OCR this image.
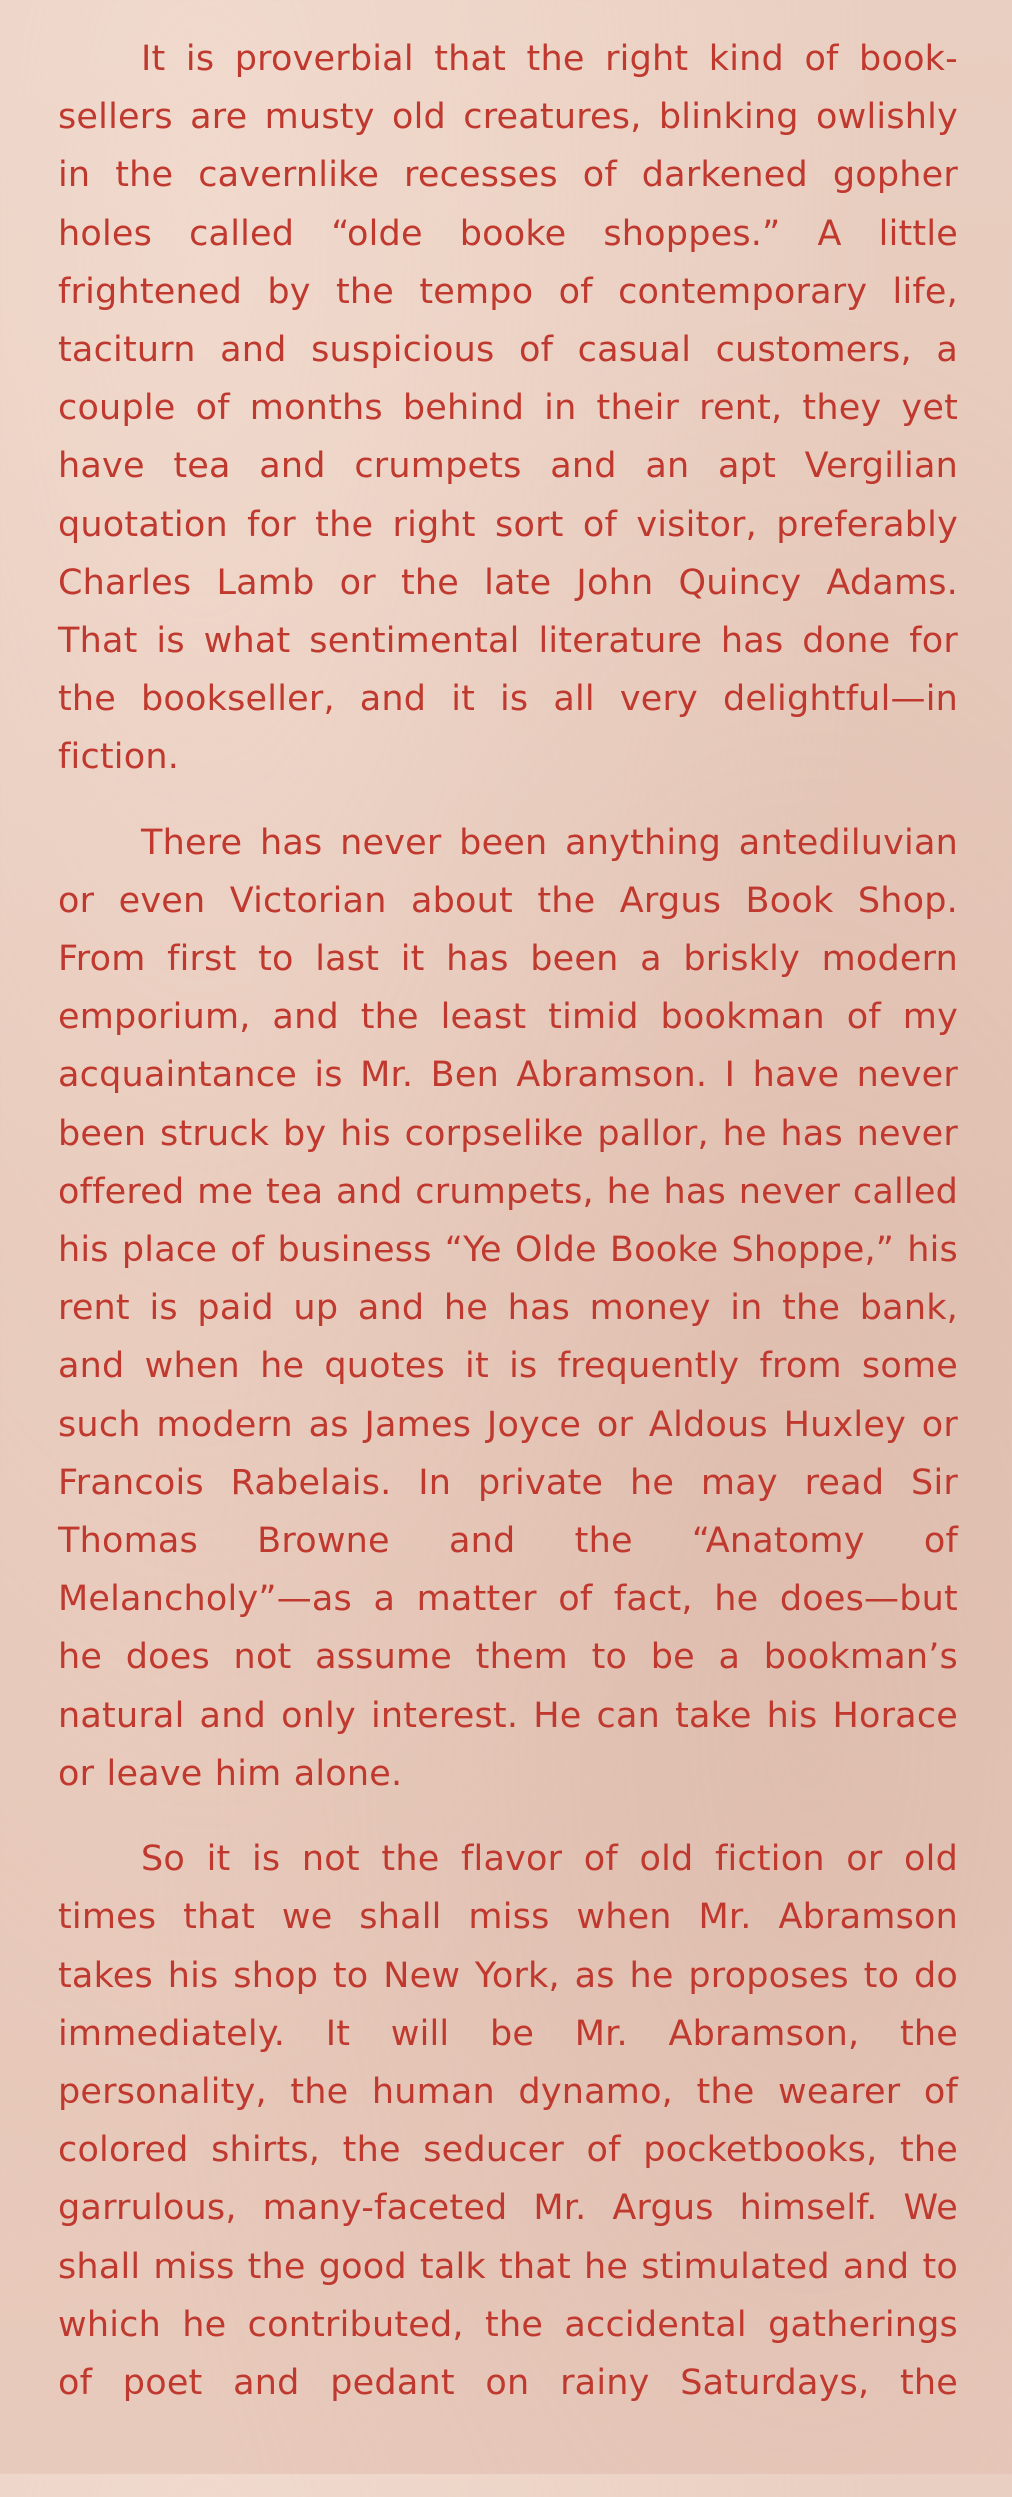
It is proverbial that the right kind of book-sellers are musty old creatures, blinking owlishly in the cavernlike recesses of darkened gopher holes called “olde booke shoppes.” A little frightened by the tempo of contemporary life, taciturn and suspicious of casual customers, a couple of months behind in their rent, they yet have tea and crumpets and an apt Vergilian quotation for the right sort of visitor, preferably Charles Lamb or the late John Quincy Adams. That is what sentimental literature has done for the bookseller, and it is all very delightful—in fiction.

There has never been anything antediluvian or even Victorian about the Argus Book Shop. From first to last it has been a briskly modern emporium, and the least timid bookman of my acquaintance is Mr. Ben Abramson. I have never been struck by his corpselike pallor, he has never offered me tea and crumpets, he has never called his place of business “Ye Olde Booke Shoppe,” his rent is paid up and he has money in the bank, and when he quotes it is frequently from some such modern as James Joyce or Aldous Huxley or Francois Rabelais. In private he may read Sir Thomas Browne and the “Anatomy of Melancholy”—as a matter of fact, he does—but he does not assume them to be a bookman’s natural and only interest. He can take his Horace or leave him alone.

So it is not the flavor of old fiction or old times that we shall miss when Mr. Abramson takes his shop to New York, as he proposes to do immediately. It will be Mr. Abramson, the personality, the human dynamo, the wearer of colored shirts, the seducer of pocketbooks, the garrulous, many-faceted Mr. Argus himself. We shall miss the good talk that he stimulated and to which he contributed, the accidental gatherings of poet and pedant on rainy Saturdays, the
